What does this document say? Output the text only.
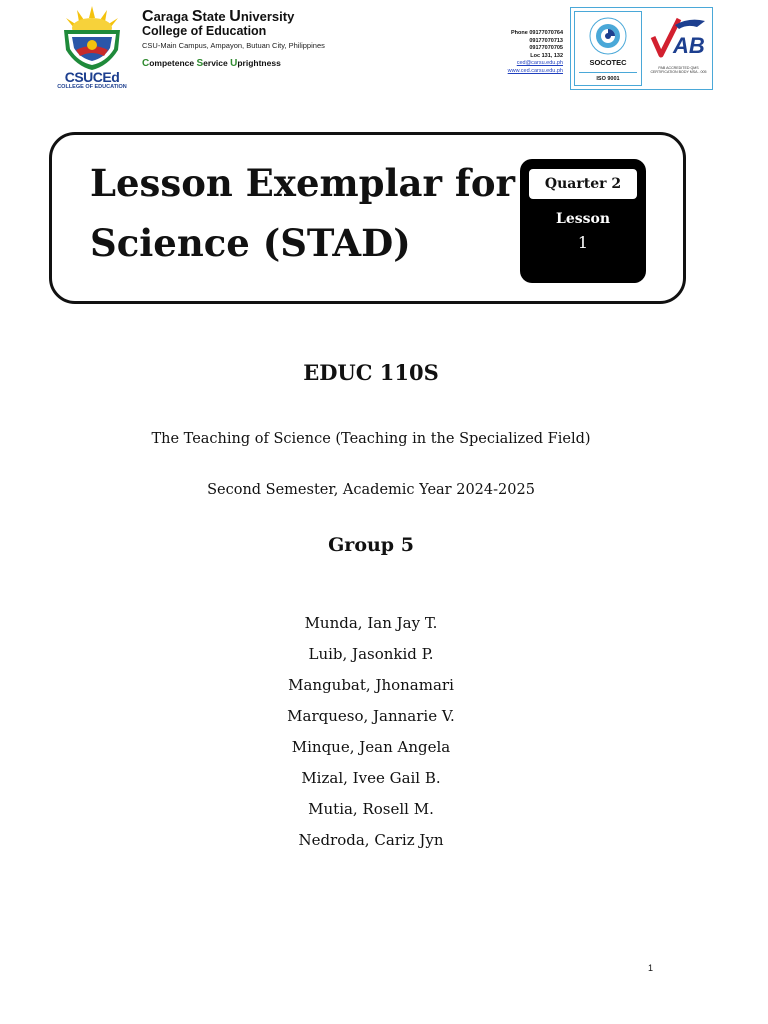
CSUCEd
COLLEGE OF EDUCATION
Caraga State University
College of Education
CSU-Main Campus, Ampayon, Butuan City, Philippines
Competence Service Uprightness
Phone 09177070764
09177070713
09177070705
Loc 131, 132
ced@carsu.edu.ph
www.ced.carsu.edu.ph
SOCOTEC
ISO 9001
AB
PAB ACCREDITED QMS CERTIFICATION BODY MSA - 005
Lesson Exemplar for
Science (STAD)
Quarter 2
Lesson
1
EDUC 110S
The Teaching of Science (Teaching in the Specialized Field)
Second Semester, Academic Year 2024-2025
Group 5
Munda, Ian Jay T.
Luib, Jasonkid P.
Mangubat, Jhonamari
Marqueso, Jannarie V.
Minque, Jean Angela
Mizal, Ivee Gail B.
Mutia, Rosell M.
Nedroda, Cariz Jyn
1
